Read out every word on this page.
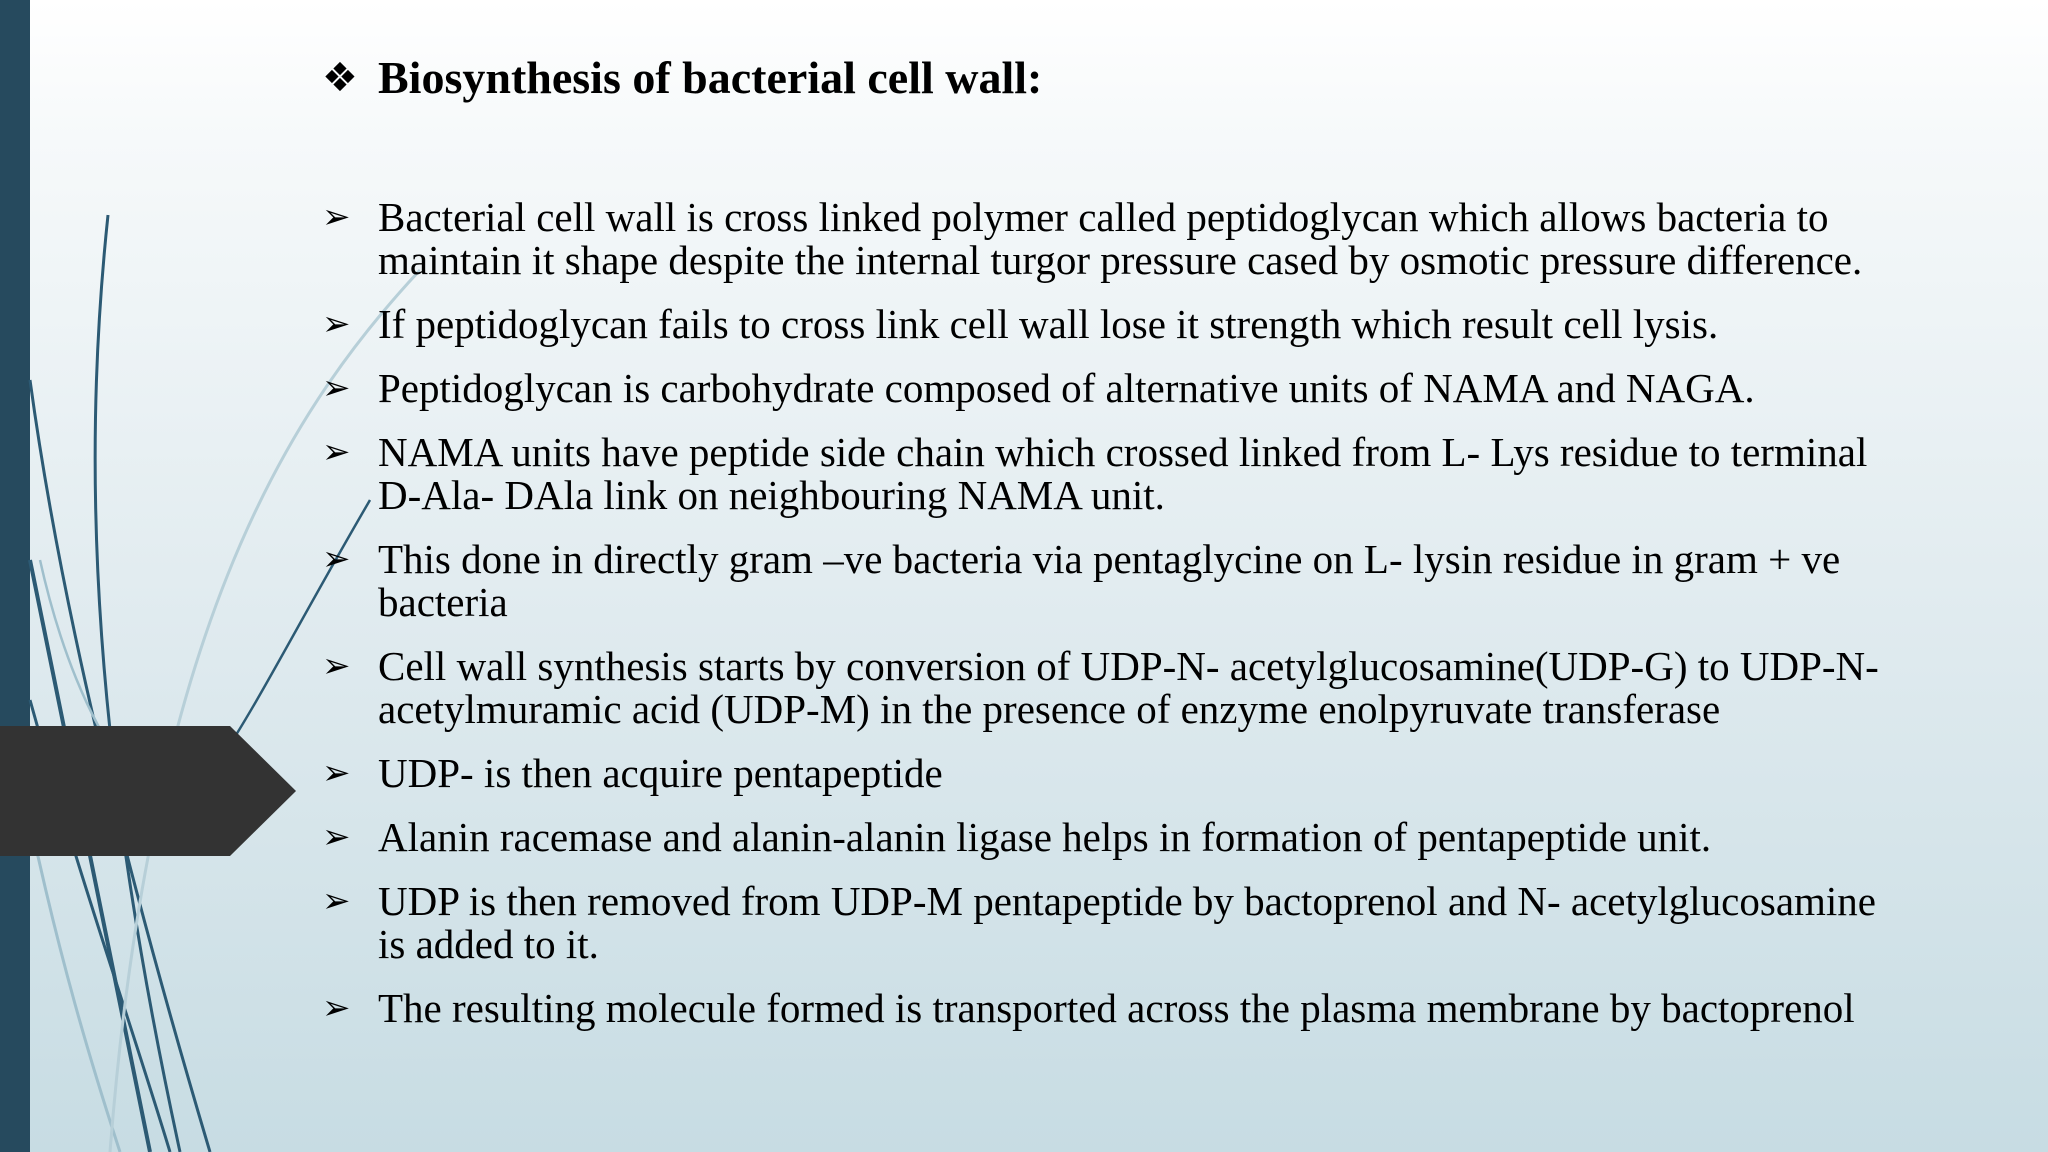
❖ Biosynthesis of bacterial cell wall:
➢ Bacterial cell wall is cross linked polymer called peptidoglycan which allows bacteria to
maintain it shape despite the internal turgor pressure cased by osmotic pressure difference.
➢ If peptidoglycan fails to cross link cell wall lose it strength which result cell lysis.
➢ Peptidoglycan is carbohydrate composed of alternative units of NAMA and NAGA.
➢ NAMA units have peptide side chain which crossed linked from L- Lys residue to terminal
D-Ala- DAla link on neighbouring NAMA unit.
➢ This done in directly gram –ve bacteria via pentaglycine on L- lysin residue in gram + ve
bacteria
➢ Cell wall synthesis starts by conversion of UDP-N- acetylglucosamine(UDP-G) to UDP-N-
acetylmuramic acid (UDP-M) in the presence of enzyme enolpyruvate transferase
➢ UDP- is then acquire pentapeptide
➢ Alanin racemase and alanin-alanin ligase helps in formation of pentapeptide unit.
➢ UDP is then removed from UDP-M pentapeptide by bactoprenol and N- acetylglucosamine
is added to it.
➢ The resulting molecule formed is transported across the plasma membrane by bactoprenol
